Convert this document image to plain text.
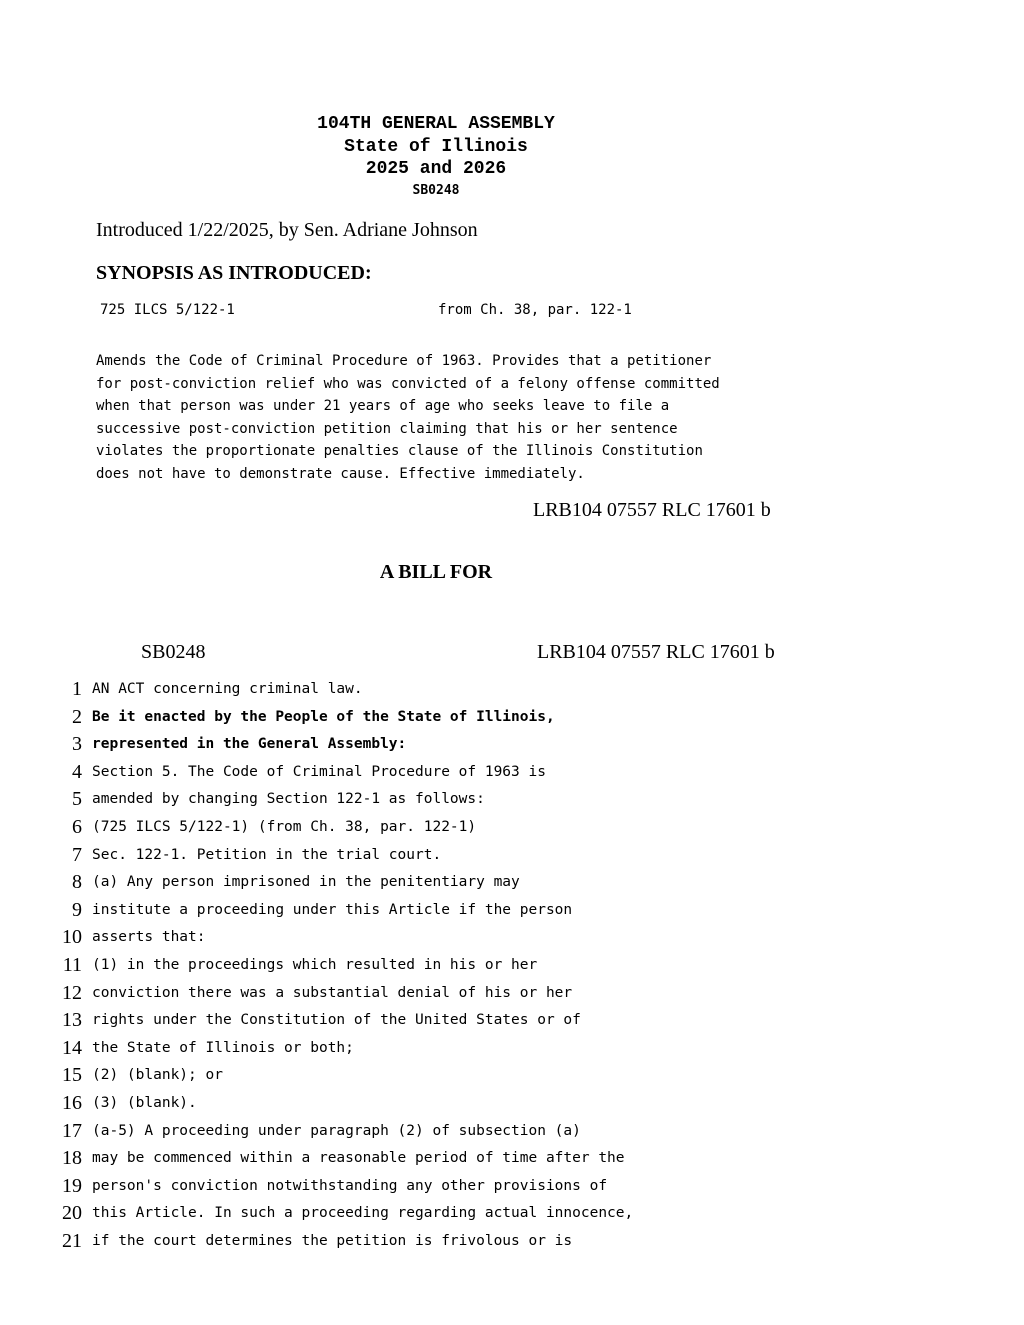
104TH GENERAL ASSEMBLY
State of Illinois
2025 and 2026
SB0248
Introduced 1/22/2025, by Sen. Adriane Johnson
SYNOPSIS AS INTRODUCED:
725 ILCS 5/122-1	from Ch. 38, par. 122-1
Amends the Code of Criminal Procedure of 1963. Provides that a petitioner
for post-conviction relief who was convicted of a felony offense committed
when that person was under 21 years of age who seeks leave to file a
successive post-conviction petition claiming that his or her sentence
violates the proportionate penalties clause of the Illinois Constitution
does not have to demonstrate cause. Effective immediately.
LRB104 07557 RLC 17601 b
A BILL FOR
SB0248	LRB104 07557 RLC 17601 b
1 AN ACT concerning criminal law.
2 Be it enacted by the People of the State of Illinois,
3 represented in the General Assembly:
4 Section 5. The Code of Criminal Procedure of 1963 is
5 amended by changing Section 122-1 as follows:
6 (725 ILCS 5/122-1) (from Ch. 38, par. 122-1)
7 Sec. 122-1. Petition in the trial court.
8 (a) Any person imprisoned in the penitentiary may
9 institute a proceeding under this Article if the person
10 asserts that:
11 (1) in the proceedings which resulted in his or her
12 conviction there was a substantial denial of his or her
13 rights under the Constitution of the United States or of
14 the State of Illinois or both;
15 (2) (blank); or
16 (3) (blank).
17 (a-5) A proceeding under paragraph (2) of subsection (a)
18 may be commenced within a reasonable period of time after the
19 person's conviction notwithstanding any other provisions of
20 this Article. In such a proceeding regarding actual innocence,
21 if the court determines the petition is frivolous or is
